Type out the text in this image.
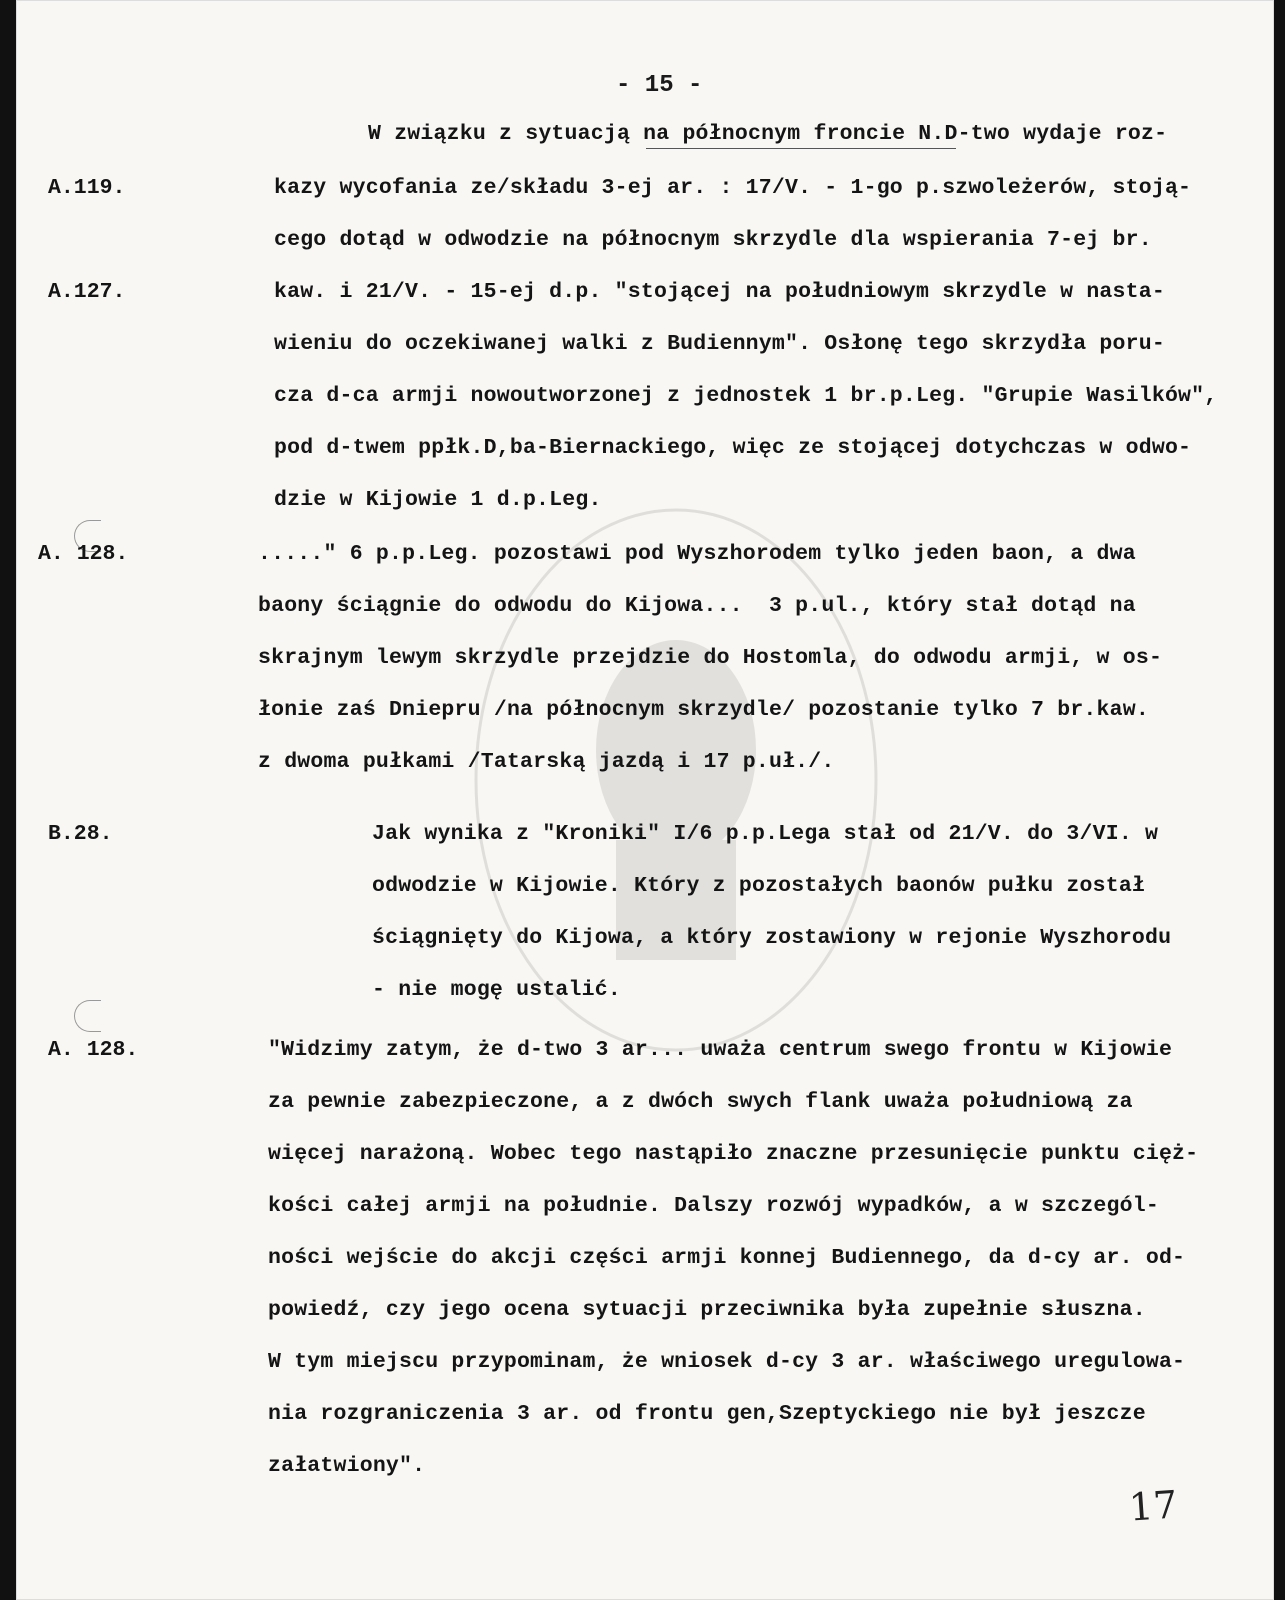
- 15 -
W związku z sytuacją na północnym froncie N.D-two wydaje roz-
A.119.	kazy wycofania ze/składu 3-ej ar. : 17/V. - 1-go p.szwoleżerów, stoją-
cego dotąd w odwodzie na północnym skrzydle dla wspierania 7-ej br.
A.127.	kaw. i 21/V. - 15-ej d.p. "stojącej na południowym skrzydle w nasta-
wieniu do oczekiwanej walki z Budiennym". Osłonę tego skrzydła poru-
cza d-ca armji nowoutworzonej z jednostek 1 br.p.Leg. "Grupie Wasilków",
pod d-twem ppłk.D,ba-Biernackiego, więc ze stojącej dotychczas w odwo-
dzie w Kijowie 1 d.p.Leg.
A. 128.	....." 6 p.p.Leg. pozostawi pod Wyszhorodem tylko jeden baon, a dwa
baony ściągnie do odwodu do Kijowa...  3 p.ul., który stał dotąd na
skrajnym lewym skrzydle przejdzie do Hostomla, do odwodu armji, w os-
łonie zaś Dniepru /na północnym skrzydle/ pozostanie tylko 7 br.kaw.
z dwoma pułkami /Tatarską jazdą i 17 p.uł./.
B.28.	Jak wynika z "Kroniki" I/6 p.p.Lega stał od 21/V. do 3/VI. w
odwodzie w Kijowie. Który z pozostałych baonów pułku został
ściągnięty do Kijowa, a który zostawiony w rejonie Wyszhorodu
- nie mogę ustalić.
A. 128.	"Widzimy zatym, że d-two 3 ar... uważa centrum swego frontu w Kijowie
za pewnie zabezpieczone, a z dwóch swych flank uważa południową za
więcej narażoną. Wobec tego nastąpiło znaczne przesunięcie punktu cięż-
kości całej armji na południe. Dalszy rozwój wypadków, a w szczegól-
ności wejście do akcji części armji konnej Budiennego, da d-cy ar. od-
powiedź, czy jego ocena sytuacji przeciwnika była zupełnie słuszna.
W tym miejscu przypominam, że wniosek d-cy 3 ar. właściwego uregulowa-
nia rozgraniczenia 3 ar. od frontu gen,Szeptyckiego nie był jeszcze
załatwiony".
17
